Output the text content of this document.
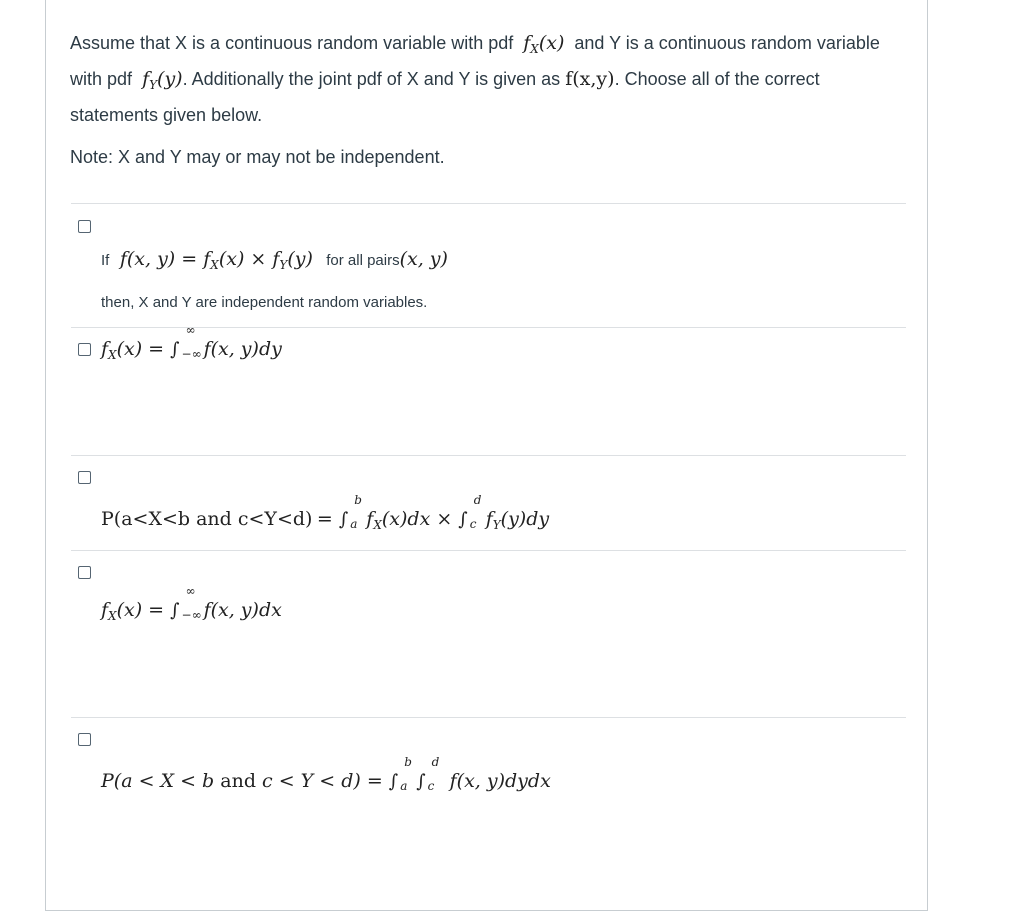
Assume that X is a continuous random variable with pdf $f_X(x)$ and Y is a continuous random variable with pdf $f_Y(y)$. Additionally the joint pdf of X and Y is given as f(x,y). Choose all of the correct statements given below.

Note: X and Y may or may not be independent.

If  f(x, $y) = f_X(x) \times f_Y(y)$ for all pairs(x, y)
then, X and Y are independent random variables.
$f_X(x)$ = ∫
∞
−∞
f(x, y)dy
P(a<X<b and c<Y<d) = ∫
b
a $f_X(x)dx$ × ∫
d
c $f_Y(y)dy$
$f_X(x)$ = ∫
∞
−∞
f(x, y)dx
P(a < X < b and c < Y < d) = ∫
b
a ∫
d
c f(x, y)dydx
